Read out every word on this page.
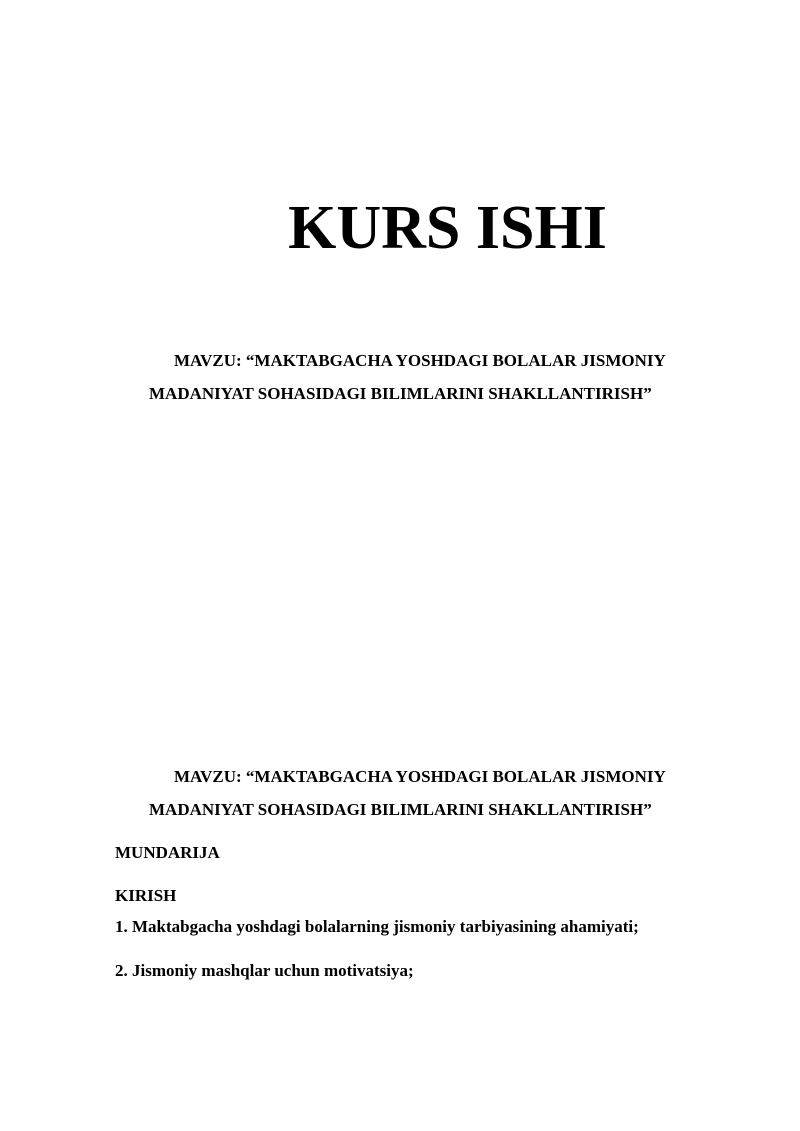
KURS ISHI
MAVZU: “MAKTABGACHA YOSHDAGI BOLALAR JISMONIY
MADANIYAT SOHASIDAGI BILIMLARINI SHAKLLANTIRISH”
MAVZU: “MAKTABGACHA YOSHDAGI BOLALAR JISMONIY
MADANIYAT SOHASIDAGI BILIMLARINI SHAKLLANTIRISH”
MUNDARIJA
KIRISH
1. Maktabgacha yoshdagi bolalarning jismoniy tarbiyasining ahamiyati;
2. Jismoniy mashqlar uchun motivatsiya;
